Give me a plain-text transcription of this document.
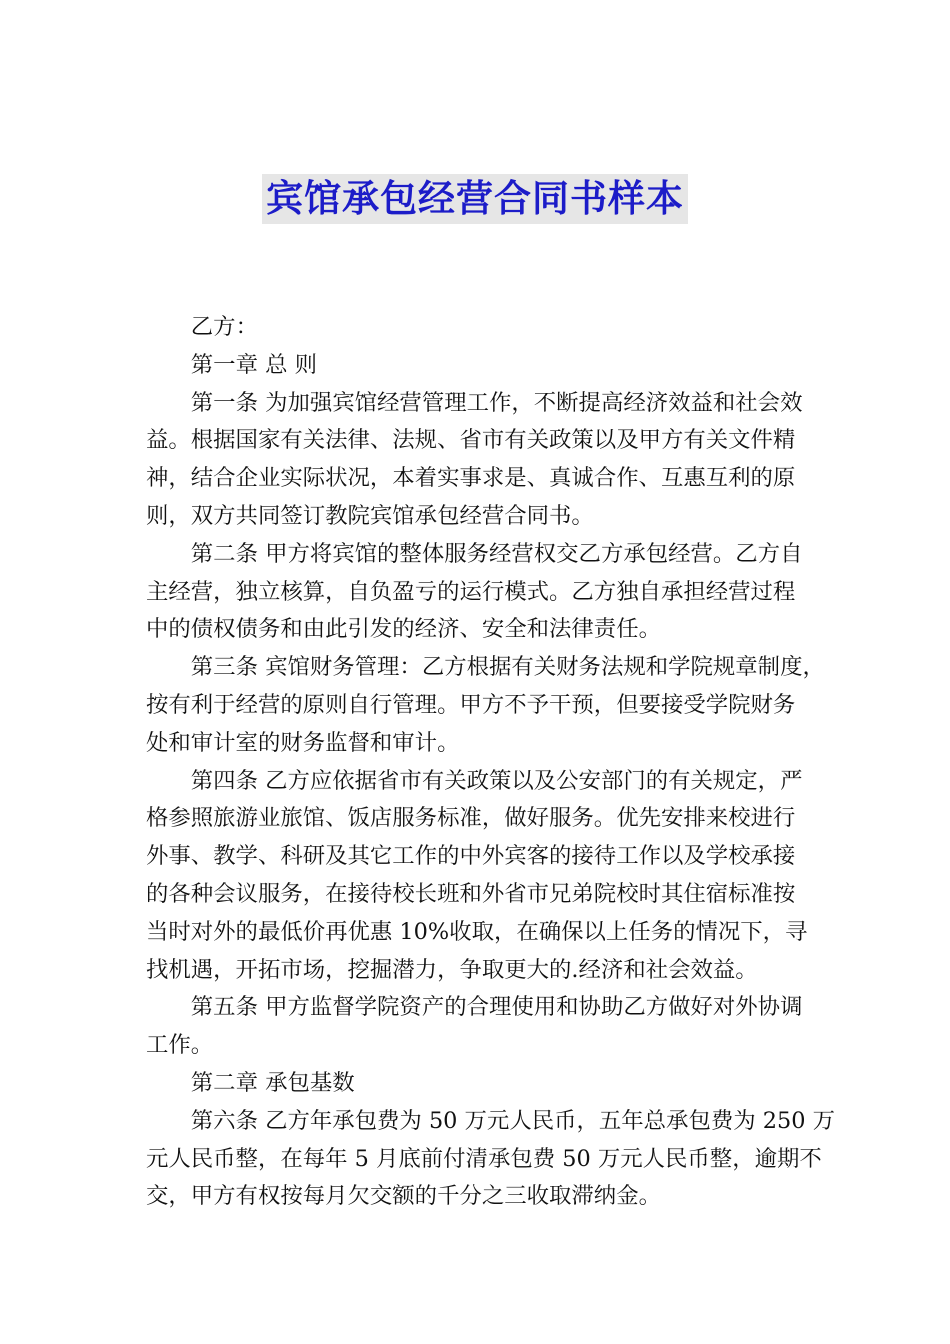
宾馆承包经营合同书样本

乙方：

第一章 总 则

第一条 为加强宾馆经营管理工作，不断提高经济效益和社会效
益。根据国家有关法律、法规、省市有关政策以及甲方有关文件精
神，结合企业实际状况，本着实事求是、真诚合作、互惠互利的原
则，双方共同签订教院宾馆承包经营合同书。

第二条 甲方将宾馆的整体服务经营权交乙方承包经营。乙方自
主经营，独立核算，自负盈亏的运行模式。乙方独自承担经营过程
中的债权债务和由此引发的经济、安全和法律责任。

第三条 宾馆财务管理：乙方根据有关财务法规和学院规章制度，
按有利于经营的原则自行管理。甲方不予干预，但要接受学院财务
处和审计室的财务监督和审计。

第四条 乙方应依据省市有关政策以及公安部门的有关规定，严
格参照旅游业旅馆、饭店服务标准，做好服务。优先安排来校进行
外事、教学、科研及其它工作的中外宾客的接待工作以及学校承接
的各种会议服务，在接待校长班和外省市兄弟院校时其住宿标准按
当时对外的最低价再优惠 10%收取，在确保以上任务的情况下，寻
找机遇，开拓市场，挖掘潜力，争取更大的.经济和社会效益。

第五条 甲方监督学院资产的合理使用和协助乙方做好对外协调
工作。

第二章 承包基数

第六条 乙方年承包费为 50 万元人民币，五年总承包费为 250 万
元人民币整，在每年 5 月底前付清承包费 50 万元人民币整，逾期不
交，甲方有权按每月欠交额的千分之三收取滞纳金。
